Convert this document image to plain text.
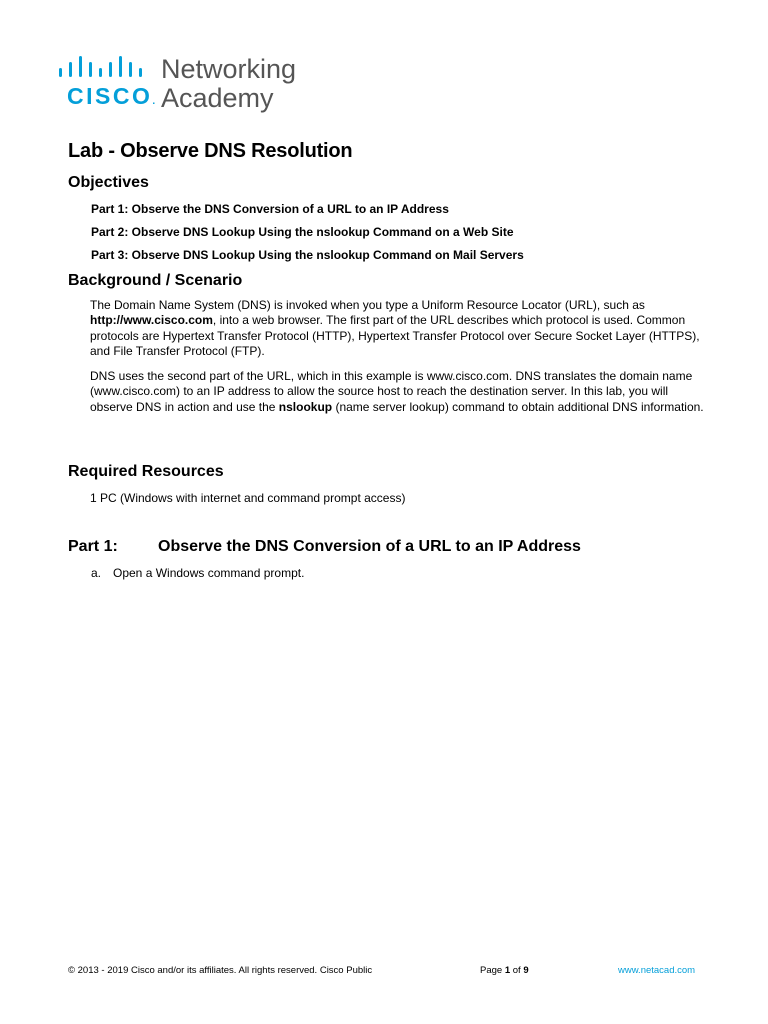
CISCO.
Networking
Academy
Lab - Observe DNS Resolution
Objectives

Part 1: Observe the DNS Conversion of a URL to an IP Address

Part 2: Observe DNS Lookup Using the nslookup Command on a Web Site

Part 3: Observe DNS Lookup Using the nslookup Command on Mail Servers

Background / Scenario

The Domain Name System (DNS) is invoked when you type a Uniform Resource Locator (URL), such as http://www.cisco.com, into a web browser. The first part of the URL describes which protocol is used. Common protocols are Hypertext Transfer Protocol (HTTP), Hypertext Transfer Protocol over Secure Socket Layer (HTTPS), and File Transfer Protocol (FTP).

DNS uses the second part of the URL, which in this example is www.cisco.com. DNS translates the domain name (www.cisco.com) to an IP address to allow the source host to reach the destination server. In this lab, you will observe DNS in action and use the nslookup (name server lookup) command to obtain additional DNS information.

Required Resources

1 PC (Windows with internet and command prompt access)

Part 1:	Observe the DNS Conversion of a URL to an IP Address
a. Open a Windows command prompt.
© 2013 - 2019 Cisco and/or its affiliates. All rights reserved. Cisco Public	Page 1 of 9	www.netacad.com
